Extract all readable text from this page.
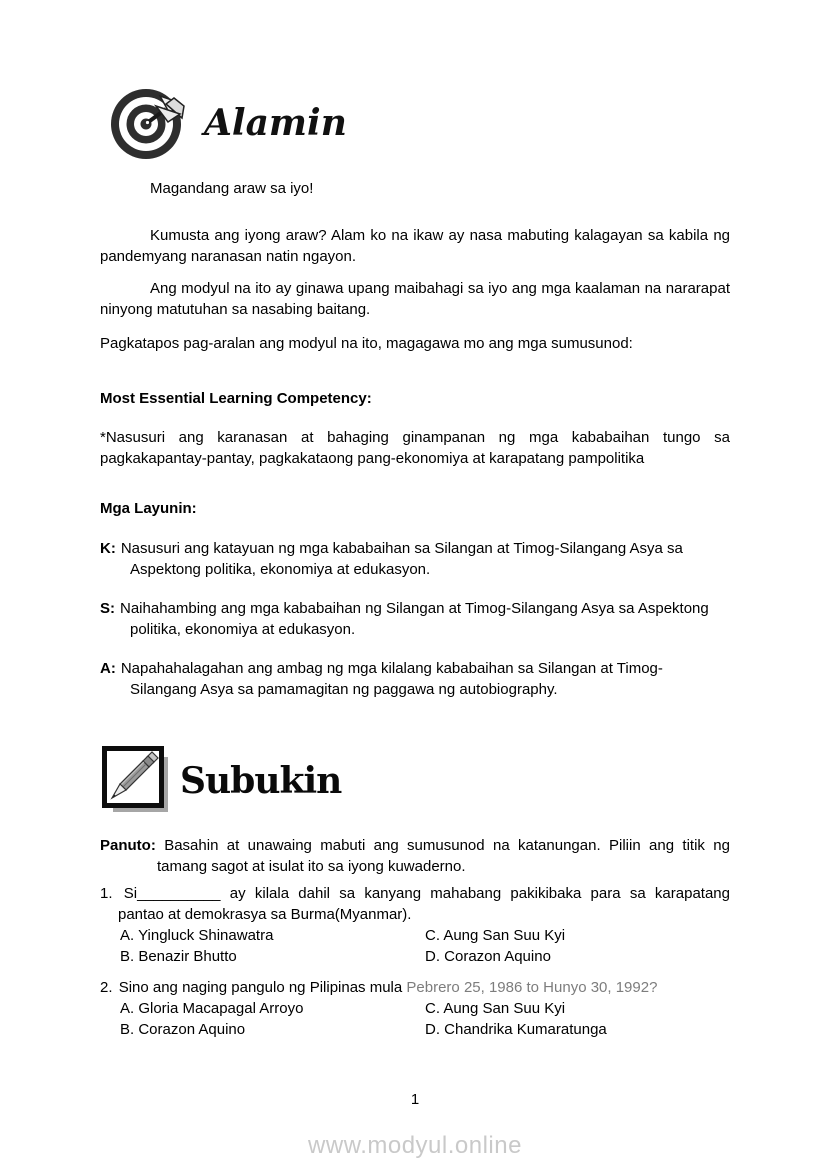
Alamin

Magandang araw sa iyo!

Kumusta ang iyong araw? Alam ko na ikaw ay nasa mabuting kalagayan sa kabila ng
pandemyang naranasan natin ngayon.
Ang modyul na ito ay ginawa upang maibahagi sa iyo ang mga kaalaman na nararapat
ninyong matutuhan sa nasabing baitang.

Pagkatapos pag-aralan ang modyul na ito, magagawa mo ang mga sumusunod:

Most Essential Learning Competency:

*Nasusuri ang karanasan at bahaging ginampanan ng mga kababaihan tungo sa
pagkakapantay-pantay, pagkakataong pang-ekonomiya at karapatang pampolitika

Mga Layunin:

K: Nasusuri ang katayuan ng mga kababaihan sa Silangan at Timog-Silangang Asya sa
Aspektong politika, ekonomiya at edukasyon.
S: Naihahambing ang mga kababaihan ng Silangan at Timog-Silangang Asya sa Aspektong
politika, ekonomiya at edukasyon.
A: Napahahalagahan ang ambag ng mga kilalang kababaihan sa Silangan at Timog-
Silangang Asya sa pamamagitan ng paggawa ng autobiography.
Subukin
Panuto: Basahin at unawaing mabuti ang sumusunod na katanungan. Piliin ang titik ng
tamang sagot at isulat ito sa iyong kuwaderno.
1. Si__________ ay kilala dahil sa kanyang mahabang pakikibaka para sa karapatang
pantao at demokrasya sa Burma(Myanmar).
A. Yingluck Shinawatra	C. Aung San Suu Kyi
B. Benazir Bhutto	D. Corazon Aquino
2. Sino ang naging pangulo ng Pilipinas mula Pebrero 25, 1986 to Hunyo 30, 1992?
A. Gloria Macapagal Arroyo	C. Aung San Suu Kyi
B. Corazon Aquino	D. Chandrika Kumaratunga
1
www.modyul.online
